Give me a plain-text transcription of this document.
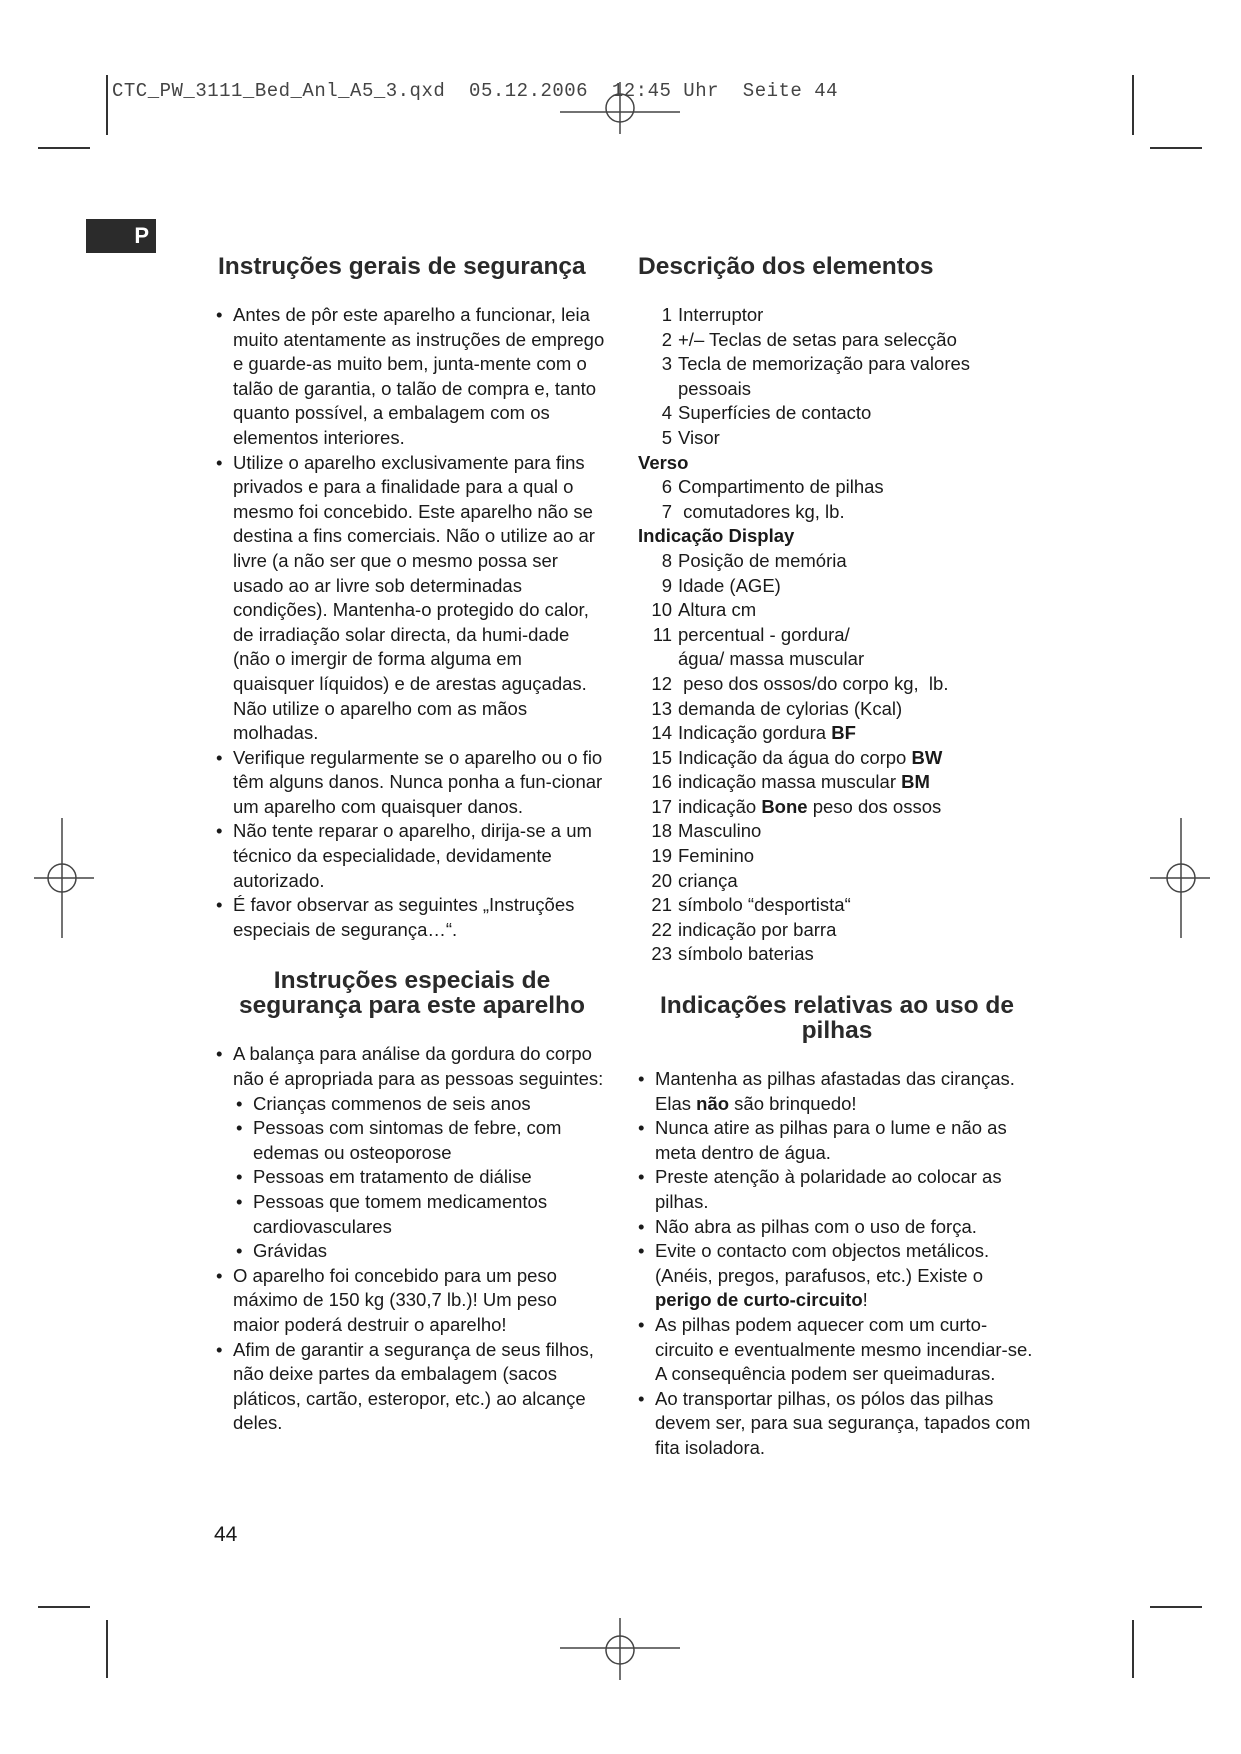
CTC_PW_3111_Bed_Anl_A5_3.qxd  05.12.2006  12:45 Uhr  Seite 44
P
Instruções gerais de segurança
• Antes de pôr este aparelho a funcionar, leia muito atentamente as instruções de emprego e guarde-as muito bem, junta-mente com o talão de garantia, o talão de compra e, tanto quanto possível, a embalagem com os elementos interiores.
• Utilize o aparelho exclusivamente para fins privados e para a finalidade para a qual o mesmo foi concebido. Este aparelho não se destina a fins comerciais. Não o utilize ao ar livre (a não ser que o mesmo possa ser usado ao ar livre sob determinadas condições). Mantenha-o protegido do calor, de irradiação solar directa, da humi-dade (não o imergir de forma alguma em quaisquer líquidos) e de arestas aguçadas. Não utilize o aparelho com as mãos molhadas.
• Verifique regularmente se o aparelho ou o fio têm alguns danos. Nunca ponha a fun-cionar um aparelho com quaisquer danos.
• Não tente reparar o aparelho, dirija-se a um técnico da especialidade, devidamente autorizado.
• É favor observar as seguintes „Instruções especiais de segurança…“.
Instruções especiais de
segurança para este aparelho
• A balança para análise da gordura do corpo não é apropriada para as pessoas seguintes:
• Crianças commenos de seis anos
• Pessoas com sintomas de febre, com edemas ou osteoporose
• Pessoas em tratamento de diálise
• Pessoas que tomem medicamentos cardiovasculares
• Grávidas
• O aparelho foi concebido para um peso máximo de 150 kg (330,7 lb.)! Um peso maior poderá destruir o aparelho!
• Afim de garantir a segurança de seus filhos, não deixe partes da embalagem (sacos pláticos, cartão, esteropor, etc.) ao alcançe deles.
Descrição dos elementos
1 Interruptor
2 +/– Teclas de setas para selecção
3 Tecla de memorização para valores pessoais
4 Superfícies de contacto
5 Visor
Verso
6 Compartimento de pilhas
7 comutadores kg, lb.
Indicação Display
8 Posição de memória
9 Idade (AGE)
10 Altura cm
11 percentual - gordura/água/ massa muscular
12 peso dos ossos/do corpo kg,  lb.
13 demanda de cylorias (Kcal)
14 Indicação gordura BF
15 Indicação da água do corpo BW
16 indicação massa muscular BM
17 indicação Bone peso dos ossos
18 Masculino
19 Feminino
20 criança
21 símbolo “desportista“
22 indicação por barra
23 símbolo baterias
Indicações relativas ao uso de
pilhas
• Mantenha as pilhas afastadas das ciranças. Elas não são brinquedo!
• Nunca atire as pilhas para o lume e não as meta dentro de água.
• Preste atenção à polaridade ao colocar as pilhas.
• Não abra as pilhas com o uso de força.
• Evite o contacto com objectos metálicos. (Anéis, pregos, parafusos, etc.) Existe o perigo de curto-circuito!
• As pilhas podem aquecer com um curto-circuito e eventualmente mesmo incendiar-se. A consequência podem ser queimaduras.
• Ao transportar pilhas, os pólos das pilhas devem ser, para sua segurança, tapados com fita isoladora.
44
